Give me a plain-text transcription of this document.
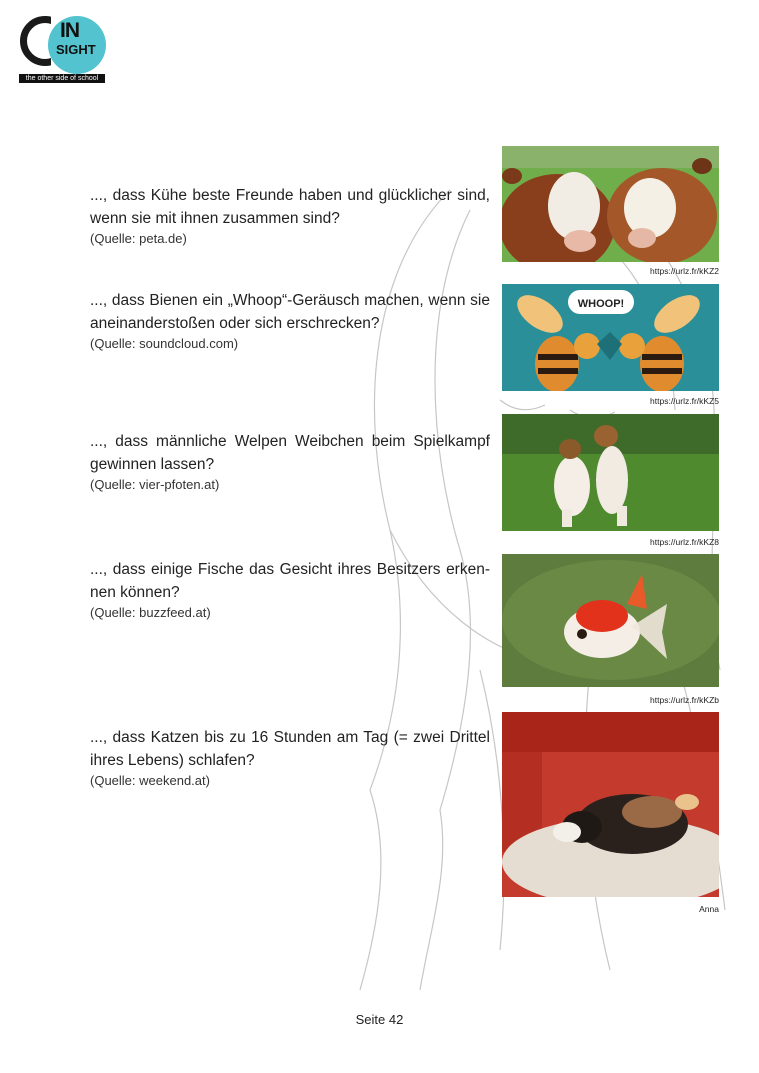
IN
SIGHT
the other side of school

..., dass Kühe beste Freunde haben und glücklicher sind, wenn sie mit ihnen zusammen sind?

(Quelle: peta.de)

https://urlz.fr/kKZ2

..., dass Bienen ein „Whoop“-Geräusch machen, wenn sie aneinanderstoßen oder sich erschrecken?

(Quelle: soundcloud.com)

WHOOP!
https://urlz.fr/kKZ5

..., dass männliche Welpen Weibchen beim Spielkampf gewinnen lassen?

(Quelle: vier-pfoten.at)

https://urlz.fr/kKZ8

..., dass einige Fische das Gesicht ihres Besitzers erken-nen können?

(Quelle: buzzfeed.at)

https://urlz.fr/kKZb

..., dass Katzen bis zu 16 Stunden am Tag (= zwei Drittel ihres Lebens) schlafen?

(Quelle: weekend.at)

Anna
Seite 42
